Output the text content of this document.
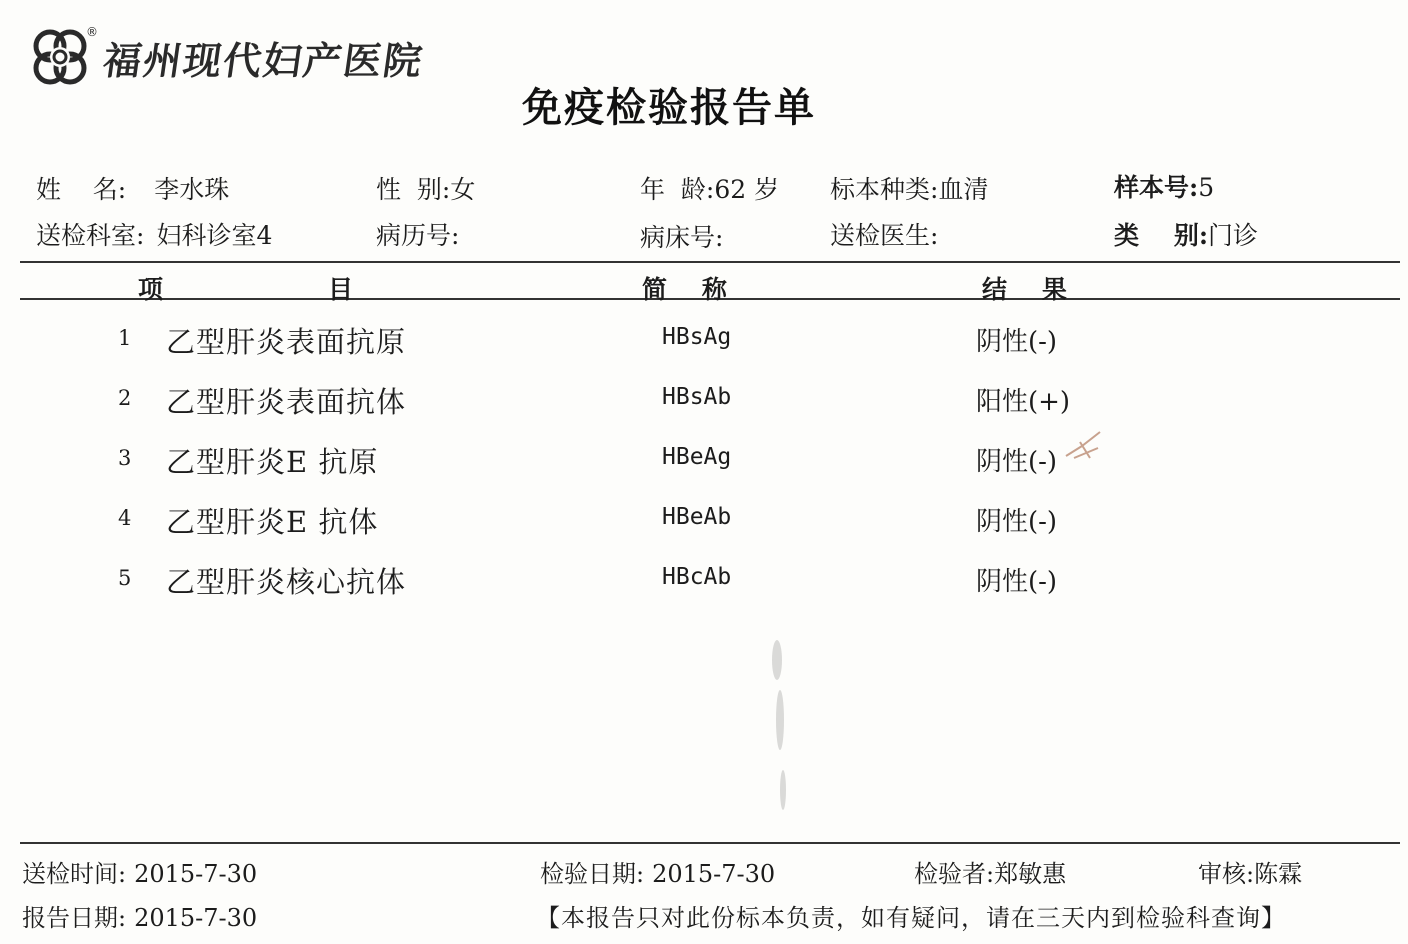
®
福州现代妇产医院
免疫检验报告单
姓    名: 李水珠	性  别:女	年  龄:62 岁 标本种类:血清	样本号:5
送检科室: 妇科诊室4	病历号:	病床号:	送检医生:	类    别:门诊
项	目	简    称	结    果
1 乙型肝炎表面抗原	HBsAg	阴性(-)
2 乙型肝炎表面抗体	HBsAb	阳性(+)
3 乙型肝炎E 抗原	HBeAg	阴性(-)
4 乙型肝炎E 抗体	HBeAb	阴性(-)
5 乙型肝炎核心抗体	HBcAb	阴性(-)
送检时间: 2015-7-30	检验日期: 2015-7-30	检验者:郑敏惠	审核:陈霖
报告日期: 2015-7-30	【本报告只对此份标本负责，如有疑问，请在三天内到检验科查询】
